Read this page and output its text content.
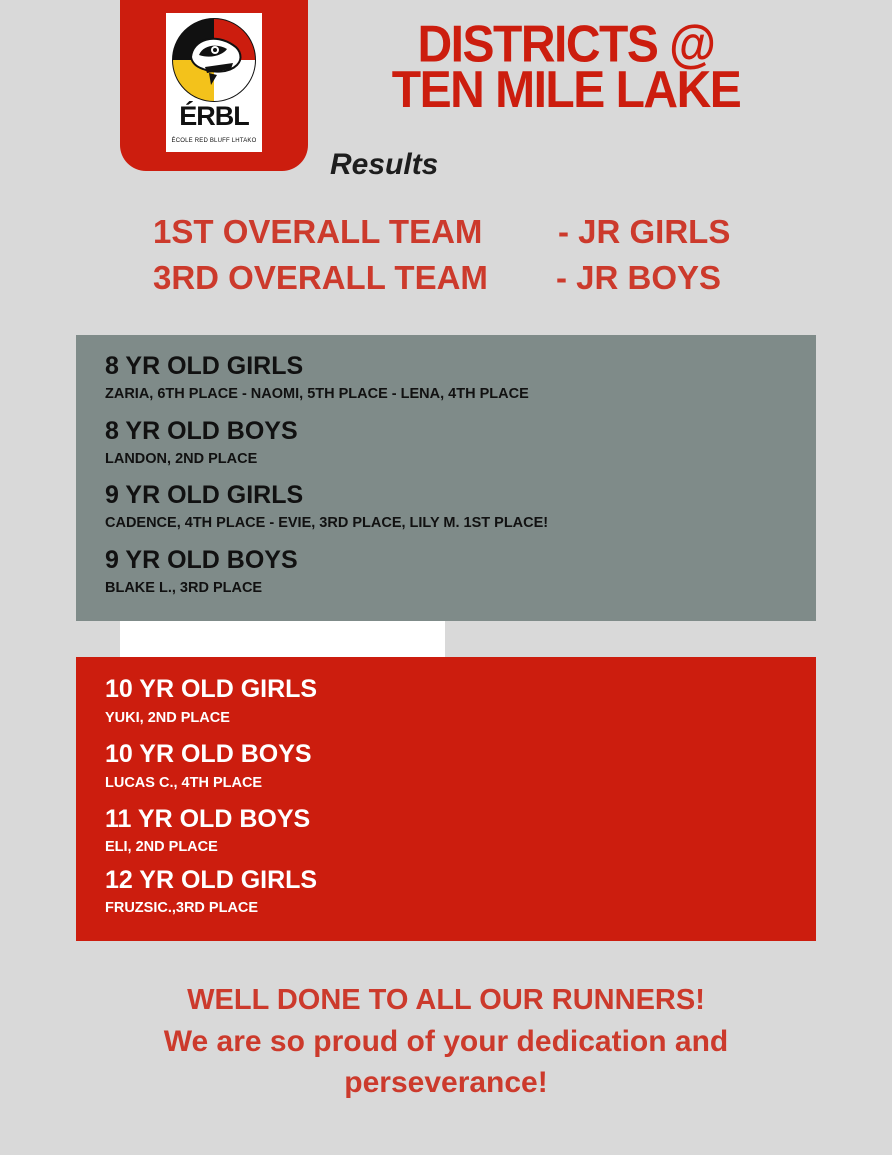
ÉRBL
ÉCOLE RED BLUFF LHTAKO
DISTRICTS @
TEN MILE LAKE
Results
1ST OVERALL TEAM - JR GIRLS
3RD OVERALL TEAM - JR BOYS
8 YR OLD GIRLS
ZARIA, 6TH PLACE - NAOMI, 5TH PLACE - LENA, 4TH PLACE
8 YR OLD BOYS
LANDON, 2ND PLACE
9 YR OLD GIRLS
CADENCE, 4TH PLACE - EVIE, 3RD PLACE, LILY M. 1ST PLACE!
9 YR OLD BOYS
BLAKE L., 3RD PLACE
10 YR OLD GIRLS
YUKI, 2ND PLACE
10 YR OLD BOYS
LUCAS C., 4TH PLACE
11 YR OLD BOYS
ELI, 2ND PLACE
12 YR OLD GIRLS
FRUZSIC.,3RD PLACE
WELL DONE TO ALL OUR RUNNERS!
We are so proud of your dedication and
perseverance!
